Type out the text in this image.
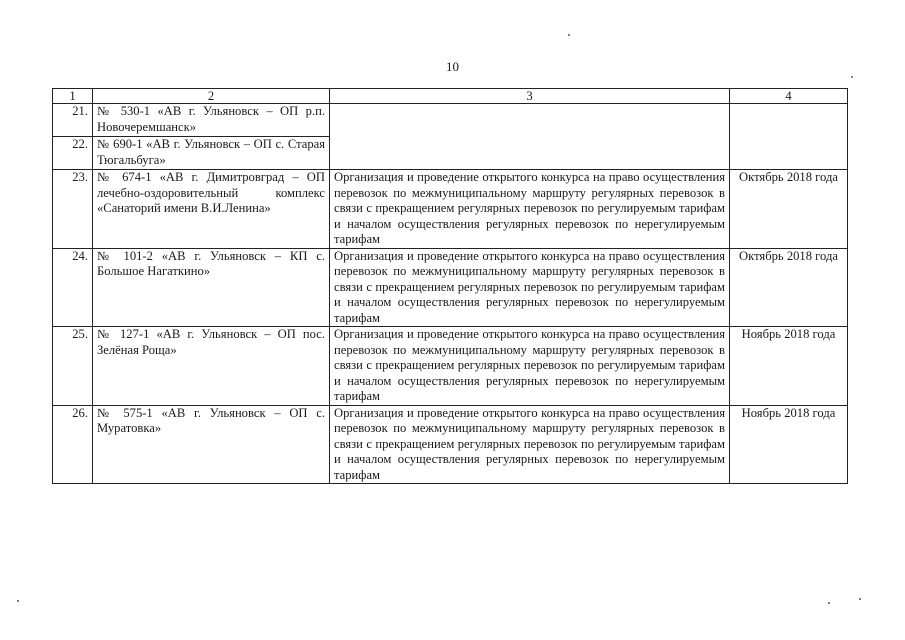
10
1	2	3	4
21.	№ 530-1 «АВ г. Ульяновск – ОП р.п. Новочеремшанск»		
22.	№ 690-1 «АВ г. Ульяновск – ОП с. Старая Тюгальбуга»		
23.	№ 674-1 «АВ г. Димитровград – ОП лечебно-оздоровительный комплекс «Санаторий имени В.И.Ленина»	Организация и проведение открытого конкурса на право осуществления перевозок по межмуниципальному маршруту регулярных перевозок в связи с прекращением регулярных перевозок по регулируемым тарифам и началом осуществления регулярных перевозок по нерегулируемым тарифам	Октябрь 2018 года
24.	№ 101-2 «АВ г. Ульяновск – КП с. Большое Нагаткино»	Организация и проведение открытого конкурса на право осуществления перевозок по межмуниципальному маршруту регулярных перевозок в связи с прекращением регулярных перевозок по регулируемым тарифам и началом осуществления регулярных перевозок по нерегулируемым тарифам	Октябрь 2018 года
25.	№ 127-1 «АВ г. Ульяновск – ОП пос. Зелёная Роща»	Организация и проведение открытого конкурса на право осуществления перевозок по межмуниципальному маршруту регулярных перевозок в связи с прекращением регулярных перевозок по регулируемым тарифам и началом осуществления регулярных перевозок по нерегулируемым тарифам	Ноябрь 2018 года
26.	№ 575-1 «АВ г. Ульяновск – ОП с. Муратовка»	Организация и проведение открытого конкурса на право осуществления перевозок по межмуниципальному маршруту регулярных перевозок в связи с прекращением регулярных перевозок по регулируемым тарифам и началом осуществления регулярных перевозок по нерегулируемым тарифам	Ноябрь 2018 года
